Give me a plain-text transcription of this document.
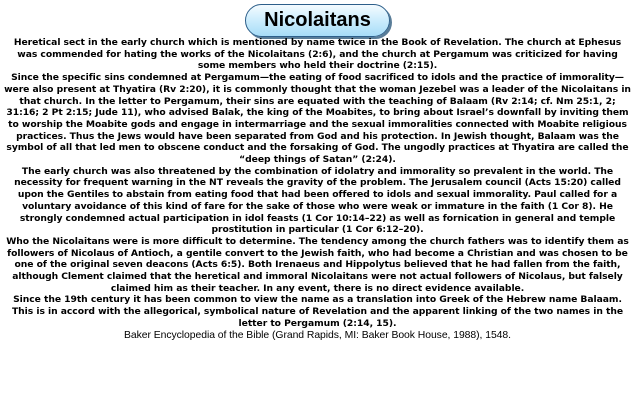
Nicolaitans

Heretical sect in the early church which is mentioned by name twice in the Book of Revelation. The church at Ephesus was commended for hating the works of the Nicolaitans (2:6), and the church at Pergamum was criticized for having some members who held their doctrine (2:15).

Since the specific sins condemned at Pergamum—the eating of food sacrificed to idols and the practice of immorality—were also present at Thyatira (Rv 2:20), it is commonly thought that the woman Jezebel was a leader of the Nicolaitans in that church. In the letter to Pergamum, their sins are equated with the teaching of Balaam (Rv 2:14; cf. Nm 25:1, 2; 31:16; 2 Pt 2:15; Jude 11), who advised Balak, the king of the Moabites, to bring about Israel’s downfall by inviting them to worship the Moabite gods and engage in intermarriage and the sexual immoralities connected with Moabite religious practices. Thus the Jews would have been separated from God and his protection. In Jewish thought, Balaam was the symbol of all that led men to obscene conduct and the forsaking of God. The ungodly practices at Thyatira are called the “deep things of Satan” (2:24).

The early church was also threatened by the combination of idolatry and immorality so prevalent in the world. The necessity for frequent warning in the NT reveals the gravity of the problem. The Jerusalem council (Acts 15:20) called upon the Gentiles to abstain from eating food that had been offered to idols and sexual immorality. Paul called for a voluntary avoidance of this kind of fare for the sake of those who were weak or immature in the faith (1 Cor 8). He strongly condemned actual participation in idol feasts (1 Cor 10:14–22) as well as fornication in general and temple prostitution in particular (1 Cor 6:12–20).

Who the Nicolaitans were is more difficult to determine. The tendency among the church fathers was to identify them as followers of Nicolaus of Antioch, a gentile convert to the Jewish faith, who had become a Christian and was chosen to be one of the original seven deacons (Acts 6:5). Both Irenaeus and Hippolytus believed that he had fallen from the faith, although Clement claimed that the heretical and immoral Nicolaitans were not actual followers of Nicolaus, but falsely claimed him as their teacher. In any event, there is no direct evidence available.

Since the 19th century it has been common to view the name as a translation into Greek of the Hebrew name Balaam. This is in accord with the allegorical, symbolical nature of Revelation and the apparent linking of the two names in the letter to Pergamum (2:14, 15).

Baker Encyclopedia of the Bible (Grand Rapids, MI: Baker Book House, 1988), 1548.
